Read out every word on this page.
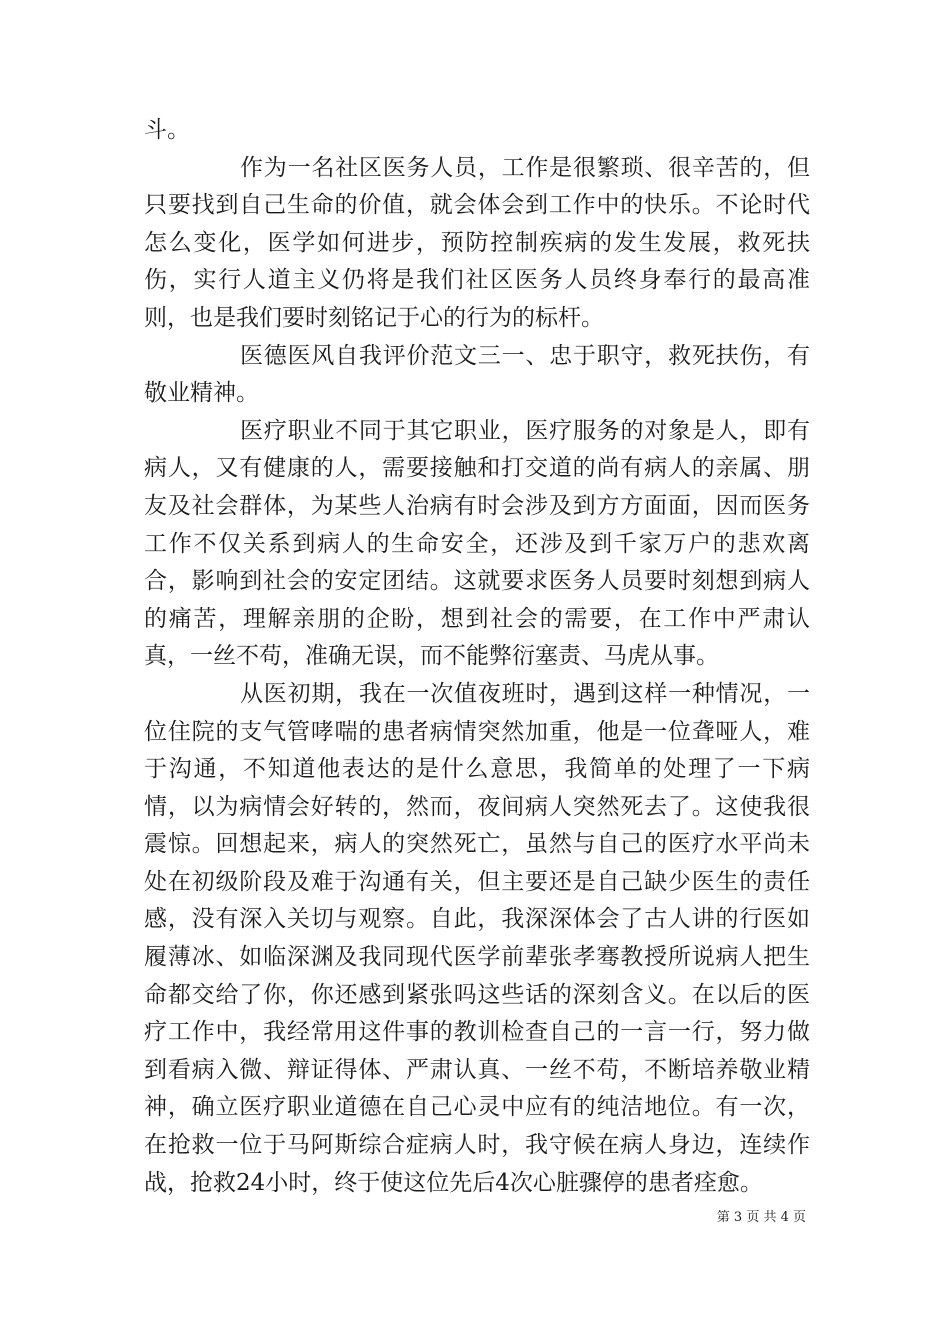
斗。

作为一名社区医务人员，工作是很繁琐、很辛苦的，但只要找到自己生命的价值，就会体会到工作中的快乐。不论时代怎么变化，医学如何进步，预防控制疾病的发生发展，救死扶伤，实行人道主义仍将是我们社区医务人员终身奉行的最高准则，也是我们要时刻铭记于心的行为的标杆。

医德医风自我评价范文三一、忠于职守，救死扶伤，有敬业精神。

医疗职业不同于其它职业，医疗服务的对象是人，即有病人，又有健康的人，需要接触和打交道的尚有病人的亲属、朋友及社会群体，为某些人治病有时会涉及到方方面面，因而医务工作不仅关系到病人的生命安全，还涉及到千家万户的悲欢离合，影响到社会的安定团结。这就要求医务人员要时刻想到病人的痛苦，理解亲朋的企盼，想到社会的需要，在工作中严肃认真，一丝不苟，准确无误，而不能弊衍塞责、马虎从事。

从医初期，我在一次值夜班时，遇到这样一种情况，一位住院的支气管哮喘的患者病情突然加重，他是一位聋哑人，难于沟通，不知道他表达的是什么意思，我简单的处理了一下病情，以为病情会好转的，然而，夜间病人突然死去了。这使我很震惊。回想起来，病人的突然死亡，虽然与自己的医疗水平尚未处在初级阶段及难于沟通有关，但主要还是自己缺少医生的责任感，没有深入关切与观察。自此，我深深体会了古人讲的行医如履薄冰、如临深渊及我同现代医学前辈张孝骞教授所说病人把生命都交给了你，你还感到紧张吗这些话的深刻含义。在以后的医疗工作中，我经常用这件事的教训检查自己的一言一行，努力做到看病入微、辩证得体、严肃认真、一丝不苟，不断培养敬业精神，确立医疗职业道德在自己心灵中应有的纯洁地位。有一次，在抢救一位于马阿斯综合症病人时，我守候在病人身边，连续作战，抢救24小时，终于使这位先后4次心脏骤停的患者痊愈。

第 3 页 共 4 页
